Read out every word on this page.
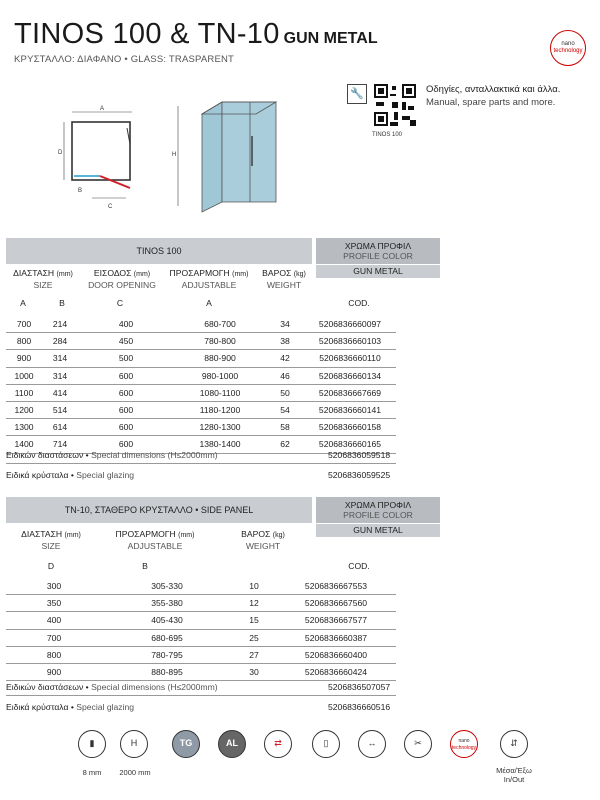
TINOS 100 & TN-10 GUN METAL
ΚΡΥΣΤΑΛΛΟ: ΔΙΑΦΑΝΟ • GLASS: TRASPARENT
nano
technology
A
D
B
C
H
🔧
TINOS 100
Οδηγίες, ανταλλακτικά και άλλα.
Manual, spare parts and more.
TINOS 100	ΧΡΩΜΑ ΠΡΟΦΙΛ
PROFILE COLOR
GUN METAL
ΔΙΑΣΤΑΣΗ (mm)
SIZE
ΕΙΣΟΔΟΣ (mm)
DOOR OPENING
ΠΡΟΣΑΡΜΟΓΗ (mm)
ADJUSTABLE
ΒΑΡΟΣ (kg)
WEIGHT
A	B	C	A	COD.
700	214	400	680-700	34	5206836660097
800	284	450	780-800	38	5206836660103
900	314	500	880-900	42	5206836660110
1000	314	600	980-1000	46	5206836660134
1100	414	600	1080-1100	50	5206836667669
1200	514	600	1180-1200	54	5206836660141
1300	614	600	1280-1300	58	5206836660158
1400	714	600	1380-1400	62	5206836660165
Ειδικών διαστάσεων • Special dimensions (H≤2000mm)	5206836059518
Ειδικά κρύσταλα • Special glazing	5206836059525
TN-10, ΣΤΑΘΕΡΟ ΚΡΥΣΤΑΛΛΟ • SIDE PANEL	ΧΡΩΜΑ ΠΡΟΦΙΛ
PROFILE COLOR
GUN METAL
ΔΙΑΣΤΑΣΗ (mm)
SIZE
ΠΡΟΣΑΡΜΟΓΗ (mm)
ADJUSTABLE
ΒΑΡΟΣ (kg)
WEIGHT
D	B	COD.
300	305-330	10	5206836667553
350	355-380	12	5206836667560
400	405-430	15	5206836667577
700	680-695	25	5206836660387
800	780-795	27	5206836660400
900	880-895	30	5206836660424
Ειδικών διαστάσεων • Special dimensions (H≤2000mm)	5206836507057
Ειδικά κρύσταλα • Special glazing	5206836660516
▮
8 mm
H
2000 mm
TG	AL	⇄	▯	↔	✂	nano
technology	⇵
Μέσα/Έξω
In/Out
